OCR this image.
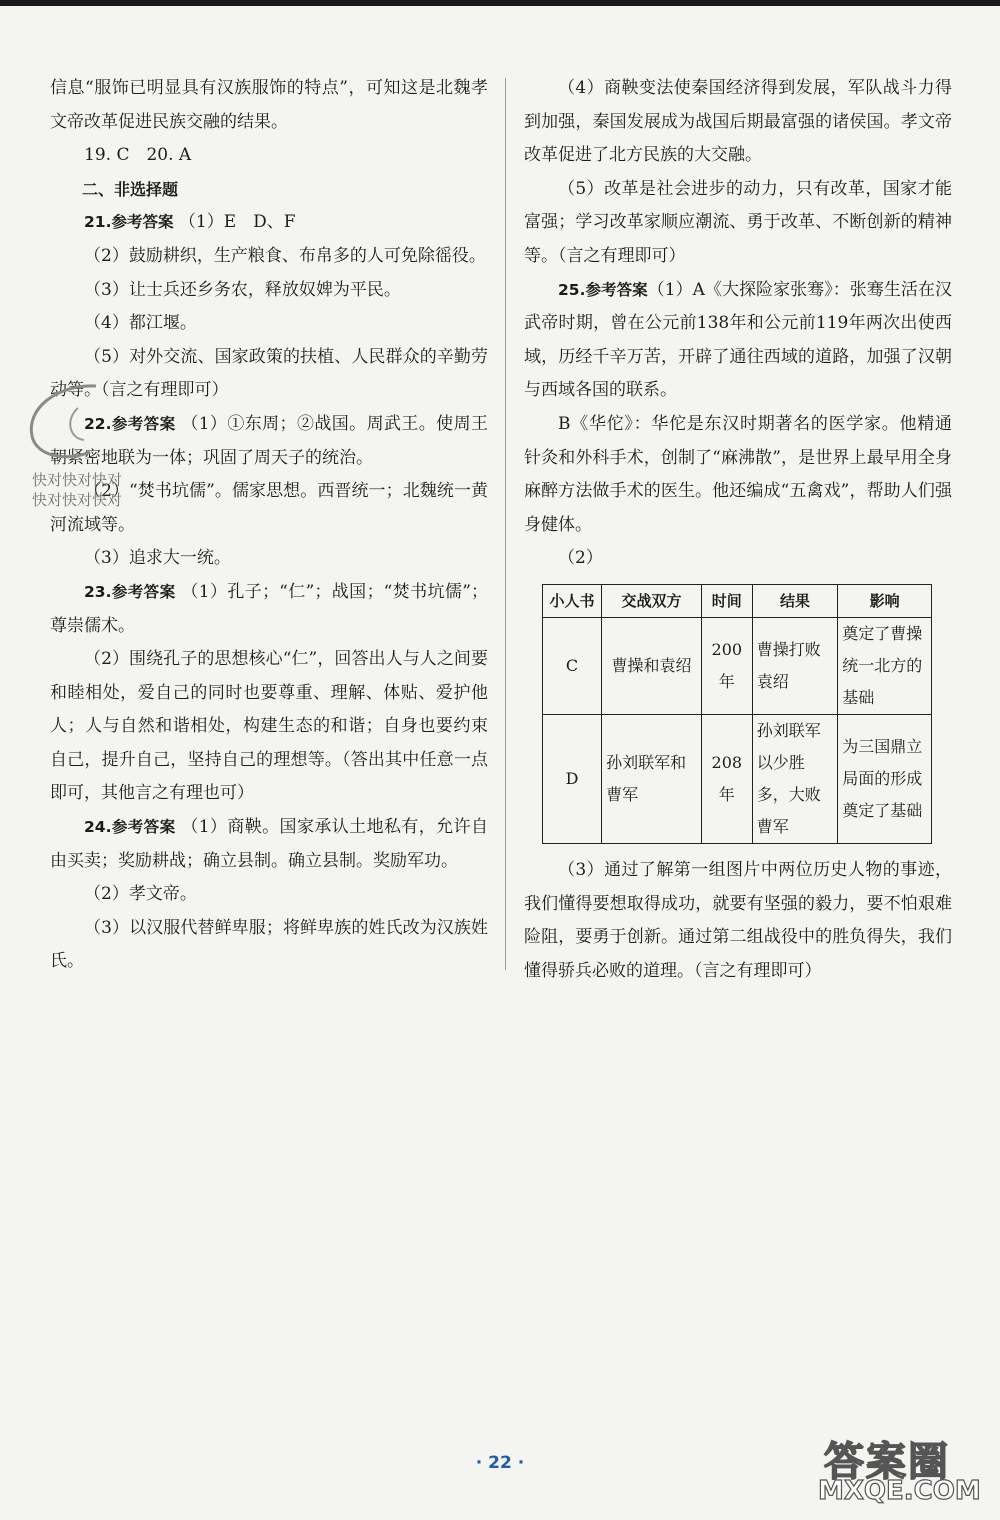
信息“服饰已明显具有汉族服饰的特点”，可知这是北魏孝文帝改革促进民族交融的结果。

19. C　20. A

二、非选择题

21.参考答案 （1）E　D、F

（2）鼓励耕织，生产粮食、布帛多的人可免除徭役。

（3）让士兵还乡务农，释放奴婢为平民。

（4）都江堰。

（5）对外交流、国家政策的扶植、人民群众的辛勤劳动等。（言之有理即可）

22.参考答案 （1）①东周；②战国。周武王。使周王朝紧密地联为一体；巩固了周天子的统治。

（2）“焚书坑儒”。儒家思想。西晋统一；北魏统一黄河流域等。

（3）追求大一统。

23.参考答案 （1）孔子；“仁”；战国；“焚书坑儒”；尊崇儒术。

（2）围绕孔子的思想核心“仁”，回答出人与人之间要和睦相处，爱自己的同时也要尊重、理解、体贴、爱护他人；人与自然和谐相处，构建生态的和谐；自身也要约束自己，提升自己，坚持自己的理想等。（答出其中任意一点即可，其他言之有理也可）

24.参考答案 （1）商鞅。国家承认土地私有，允许自由买卖；奖励耕战；确立县制。确立县制。奖励军功。

（2）孝文帝。

（3）以汉服代替鲜卑服；将鲜卑族的姓氏改为汉族姓氏。

（4）商鞅变法使秦国经济得到发展，军队战斗力得到加强，秦国发展成为战国后期最富强的诸侯国。孝文帝改革促进了北方民族的大交融。

（5）改革是社会进步的动力，只有改革，国家才能富强；学习改革家顺应潮流、勇于改革、不断创新的精神等。（言之有理即可）

25.参考答案（1）A《大探险家张骞》：张骞生活在汉武帝时期，曾在公元前138年和公元前119年两次出使西域，历经千辛万苦，开辟了通往西域的道路，加强了汉朝与西域各国的联系。

B《华佗》：华佗是东汉时期著名的医学家。他精通针灸和外科手术，创制了“麻沸散”，是世界上最早用全身麻醉方法做手术的医生。他还编成“五禽戏”，帮助人们强身健体。

（2）

小人书	交战双方	时间	结果	影响
C	曹操和袁绍	200年	曹操打败袁绍	奠定了曹操统一北方的基础
D	孙刘联军和曹军	208年	孙刘联军以少胜多，大败曹军	为三国鼎立局面的形成奠定了基础

（3）通过了解第一组图片中两位历史人物的事迹，我们懂得要想取得成功，就要有坚强的毅力，要不怕艰难险阻，要勇于创新。通过第二组战役中的胜负得失，我们懂得骄兵必败的道理。（言之有理即可）

快对快对快对
快对快对快对
· 22 ·	答案圈
MXQE.COM
